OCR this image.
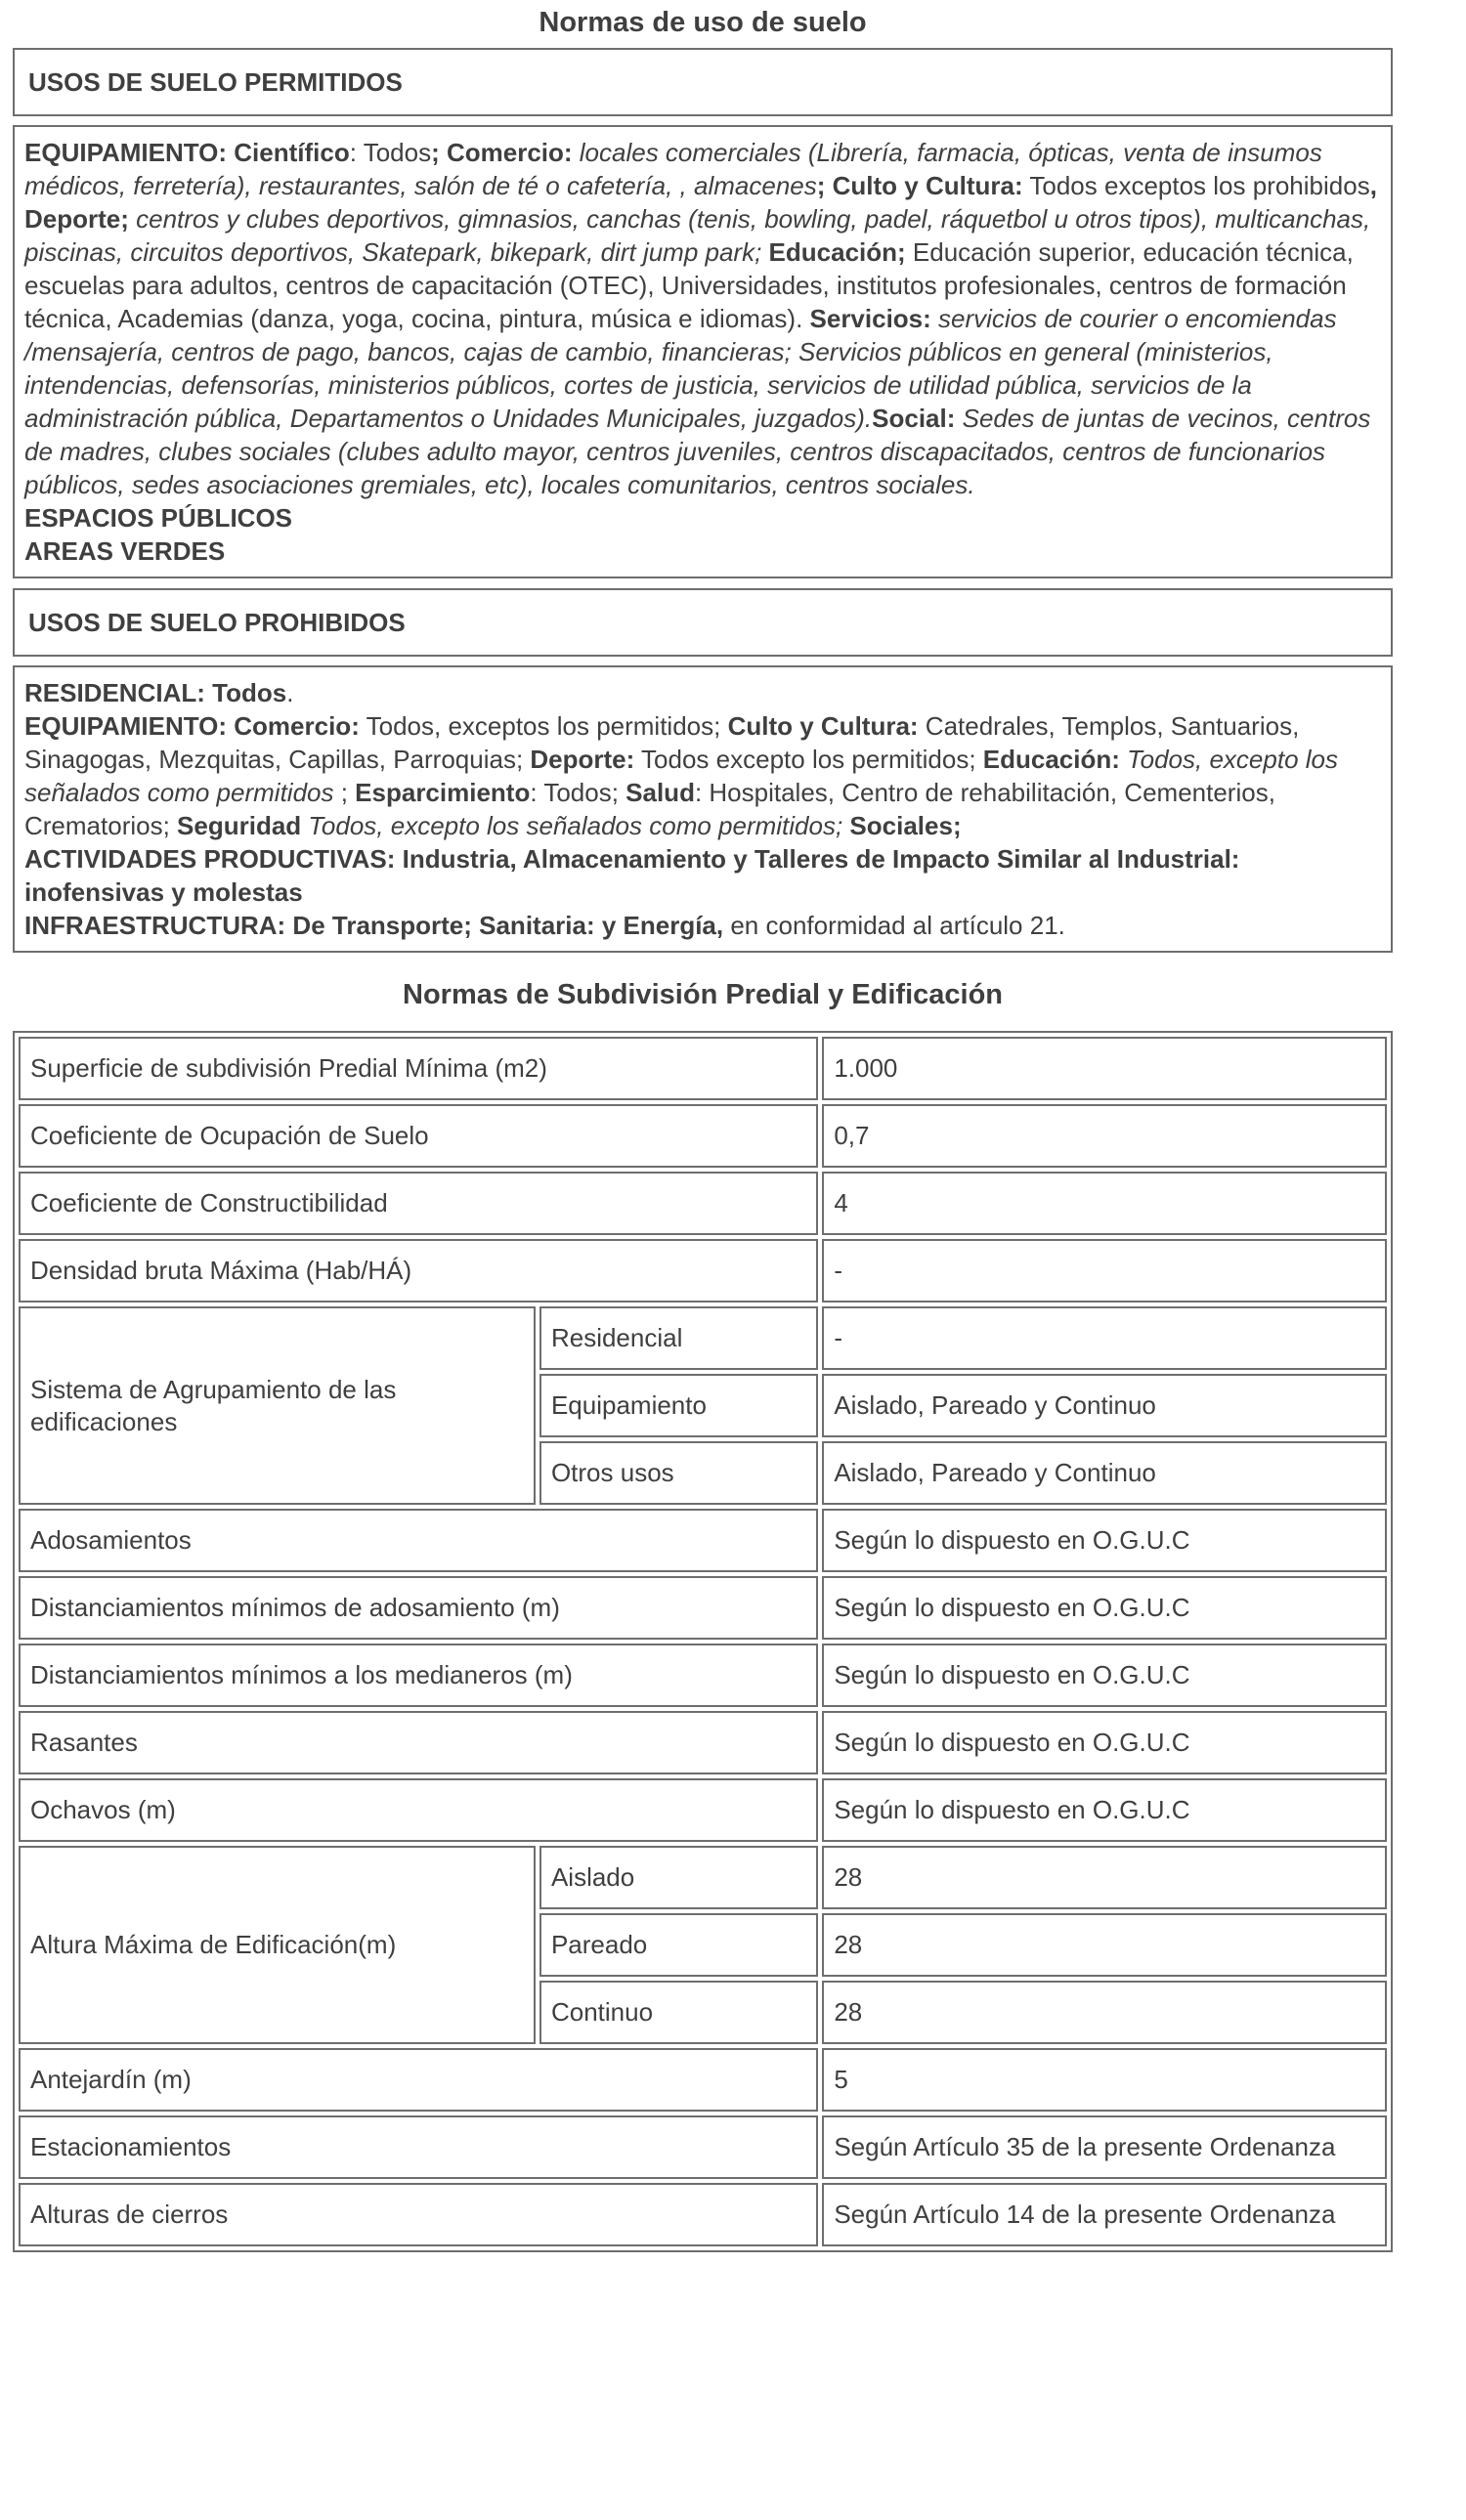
Normas de uso de suelo
USOS DE SUELO PERMITIDOS
EQUIPAMIENTO: Científico: Todos; Comercio: locales comerciales (Librería, farmacia, ópticas, venta de insumos médicos, ferretería), restaurantes, salón de té o cafetería, , almacenes; Culto y Cultura: Todos exceptos los prohibidos, Deporte; centros y clubes deportivos, gimnasios, canchas (tenis, bowling, padel, ráquetbol u otros tipos), multicanchas, piscinas, circuitos deportivos, Skatepark, bikepark, dirt jump park; Educación; Educación superior, educación técnica, escuelas para adultos, centros de capacitación (OTEC), Universidades, institutos profesionales, centros de formación técnica, Academias (danza, yoga, cocina, pintura, música e idiomas). Servicios: servicios de courier o encomiendas /mensajería, centros de pago, bancos, cajas de cambio, financieras; Servicios públicos en general (ministerios, intendencias, defensorías, ministerios públicos, cortes de justicia, servicios de utilidad pública, servicios de la administración pública, Departamentos o Unidades Municipales, juzgados).Social: Sedes de juntas de vecinos, centros de madres, clubes sociales (clubes adulto mayor, centros juveniles, centros discapacitados, centros de funcionarios públicos, sedes asociaciones gremiales, etc), locales comunitarios, centros sociales.
ESPACIOS PÚBLICOS
AREAS VERDES
USOS DE SUELO PROHIBIDOS
RESIDENCIAL: Todos.
EQUIPAMIENTO: Comercio: Todos, exceptos los permitidos; Culto y Cultura: Catedrales, Templos, Santuarios, Sinagogas, Mezquitas, Capillas, Parroquias; Deporte: Todos excepto los permitidos; Educación: Todos, excepto los señalados como permitidos ; Esparcimiento: Todos; Salud: Hospitales, Centro de rehabilitación, Cementerios, Crematorios; Seguridad Todos, excepto los señalados como permitidos; Sociales;
ACTIVIDADES PRODUCTIVAS: Industria, Almacenamiento y Talleres de Impacto Similar al Industrial: inofensivas y molestas
INFRAESTRUCTURA: De Transporte; Sanitaria: y Energía, en conformidad al artículo 21.
Normas de Subdivisión Predial y Edificación
Superficie de subdivisión Predial Mínima (m2)		1.000
Coeficiente de Ocupación de Suelo		0,7
Coeficiente de Constructibilidad		4
Densidad bruta Máxima (Hab/HÁ)		-
Sistema de Agrupamiento de las edificaciones	Residencial	-
	Equipamiento	Aislado, Pareado y Continuo
	Otros usos	Aislado, Pareado y Continuo
Adosamientos		Según lo dispuesto en O.G.U.C
Distanciamientos mínimos de adosamiento (m)		Según lo dispuesto en O.G.U.C
Distanciamientos mínimos a los medianeros (m)		Según lo dispuesto en O.G.U.C
Rasantes		Según lo dispuesto en O.G.U.C
Ochavos (m)		Según lo dispuesto en O.G.U.C
Altura Máxima de Edificación(m)	Aislado	28
	Pareado	28
	Continuo	28
Antejardín (m)		5
Estacionamientos		Según Artículo 35 de la presente Ordenanza
Alturas de cierros		Según Artículo 14 de la presente Ordenanza
